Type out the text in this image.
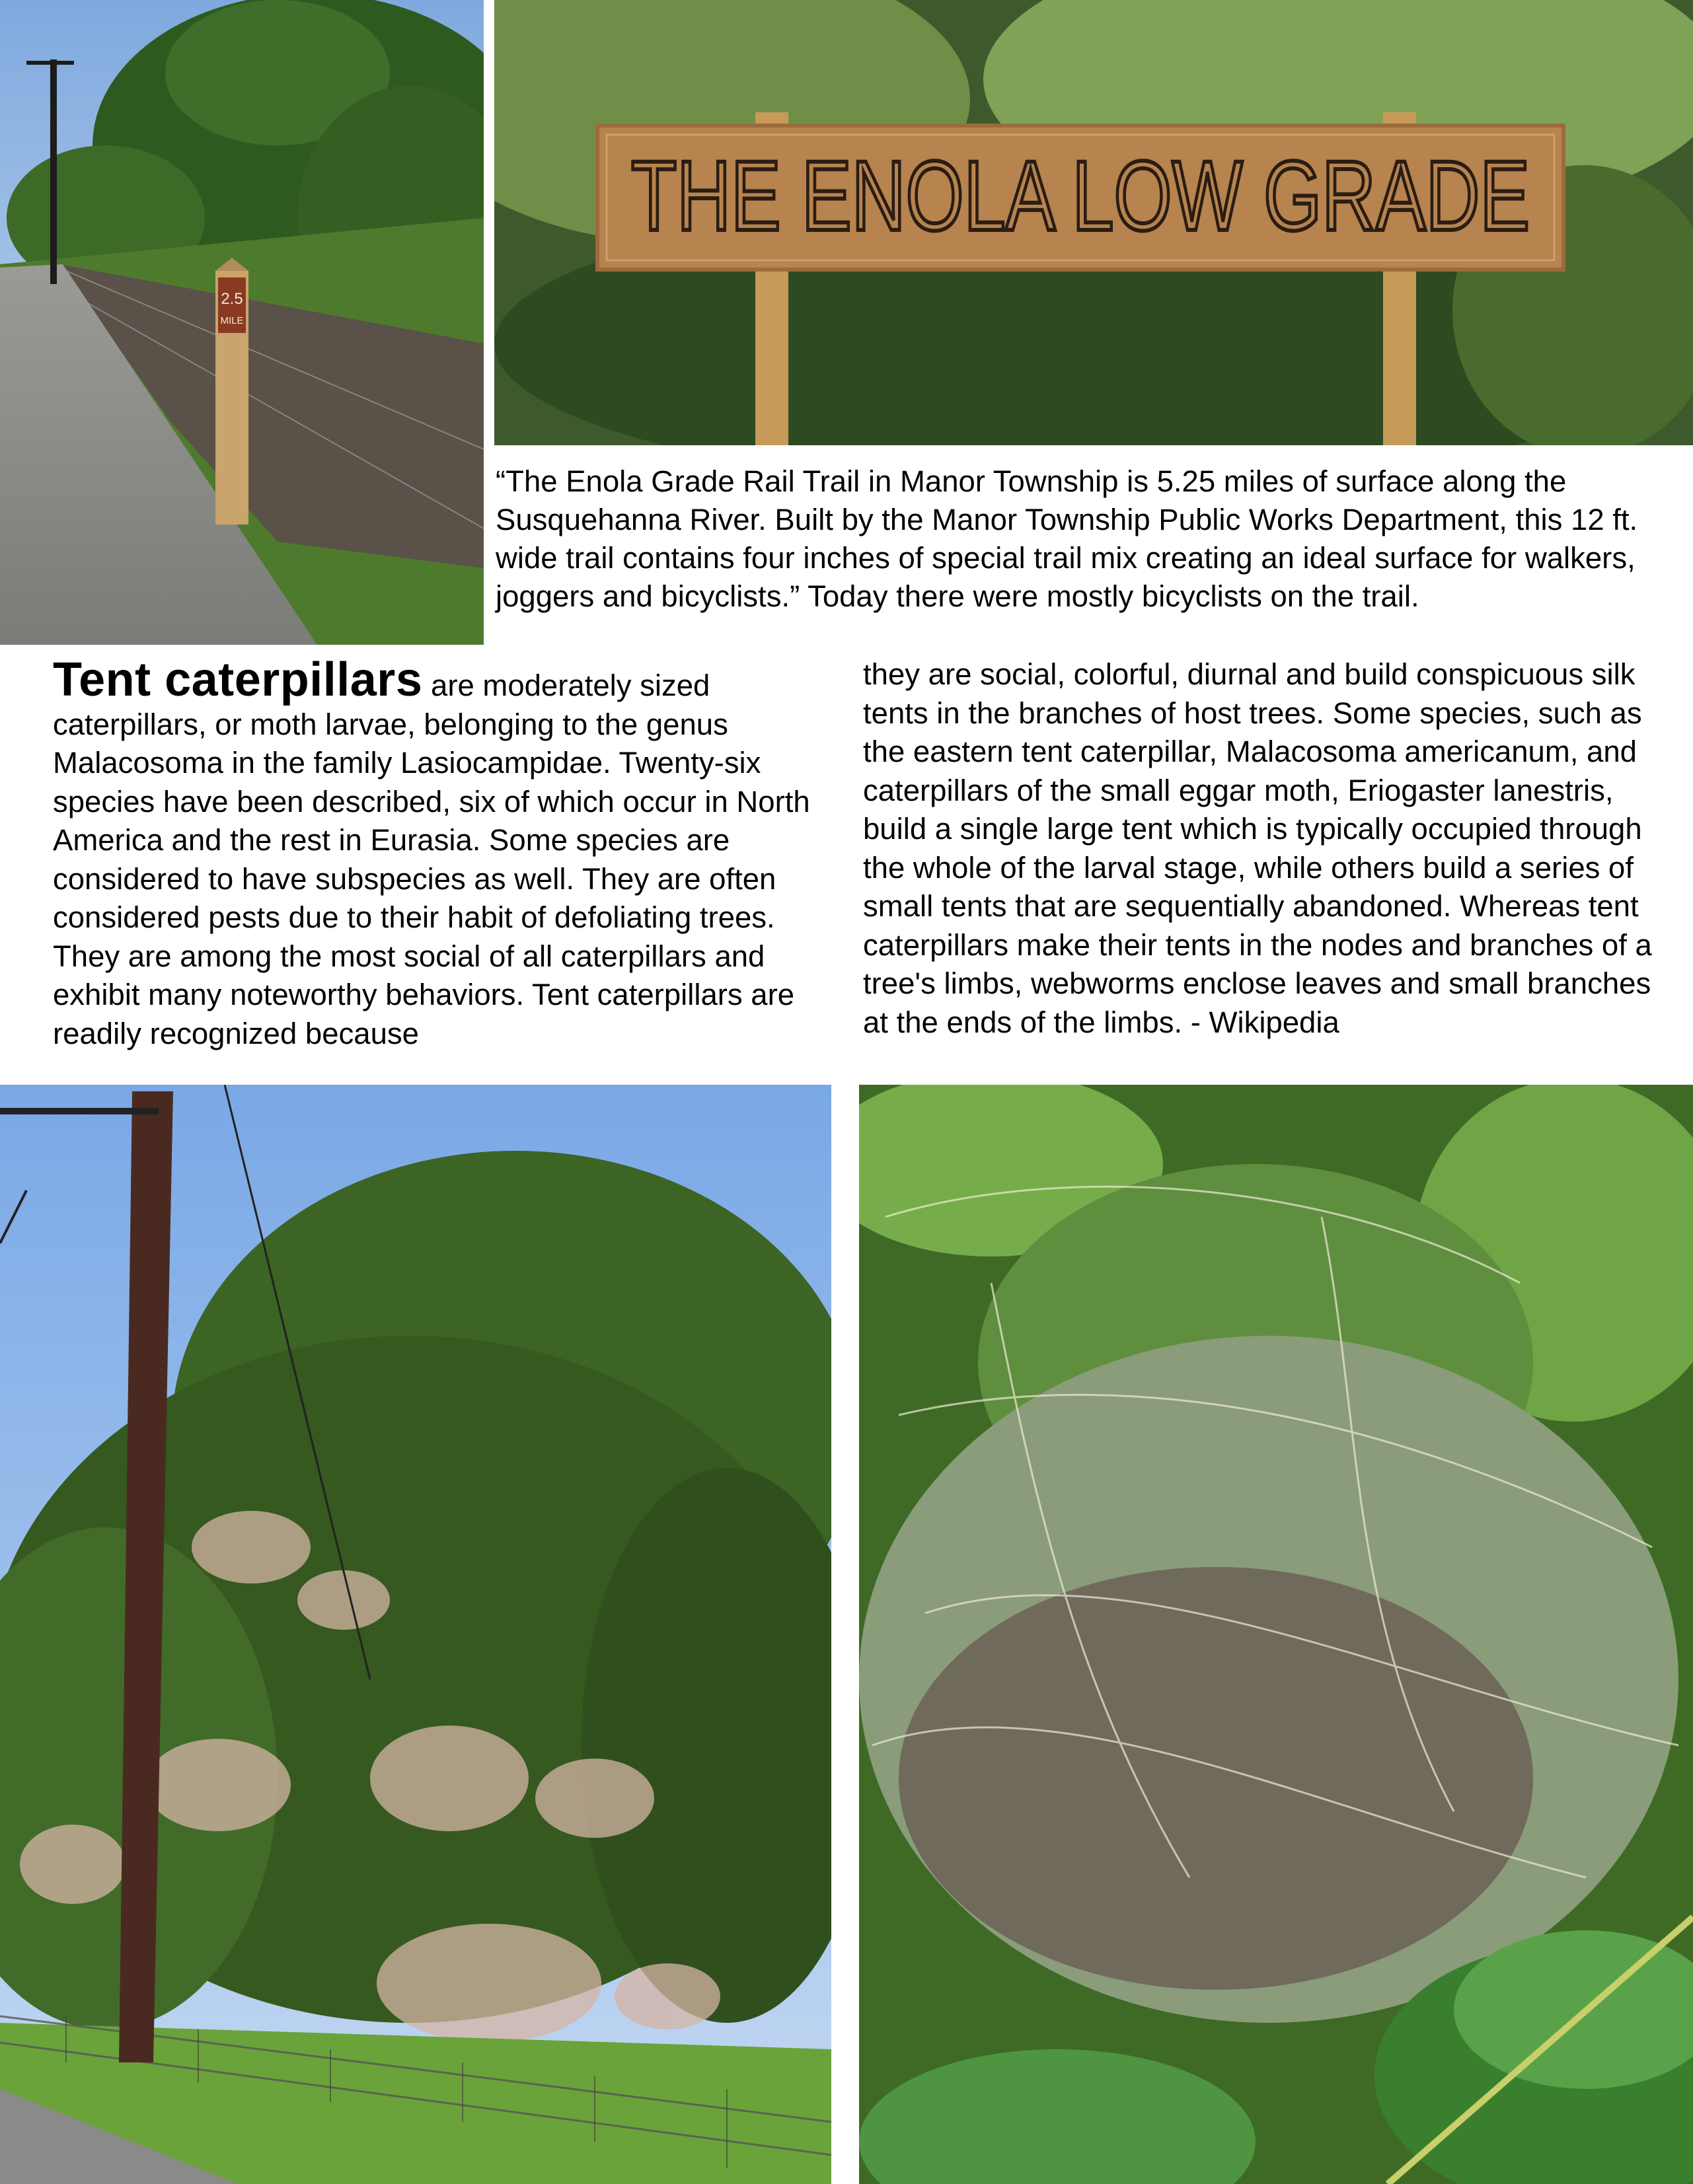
2.5
MILE
THE ENOLA LOW GRADE

“The Enola Grade Rail Trail in Manor Township is 5.25 miles of surface along the Susquehanna River. Built by the Manor Township Public Works Department, this 12 ft. wide trail contains four inches of special trail mix creating an ideal surface for walkers, joggers and bicyclists.” Today there were mostly bicyclists on the trail.

Tent caterpillars are moderately sized caterpillars, or moth larvae, belonging to the genus Malacosoma in the family Lasiocampidae. Twenty-six species have been described, six of which occur in North America and the rest in Eurasia. Some species are considered to have subspecies as well. They are often considered pests due to their habit of defoliating trees. They are among the most social of all caterpillars and exhibit many noteworthy behaviors. Tent caterpillars are readily recognized because

they are social, colorful, diurnal and build conspicuous silk tents in the branches of host trees. Some species, such as the eastern tent caterpillar, Malacosoma americanum, and caterpillars of the small eggar moth, Eriogaster lanestris, build a single large tent which is typically occupied through the whole of the larval stage, while others build a series of small tents that are sequentially abandoned. Whereas tent caterpillars make their tents in the nodes and branches of a tree's limbs, webworms enclose leaves and small branches at the ends of the limbs. - Wikipedia
